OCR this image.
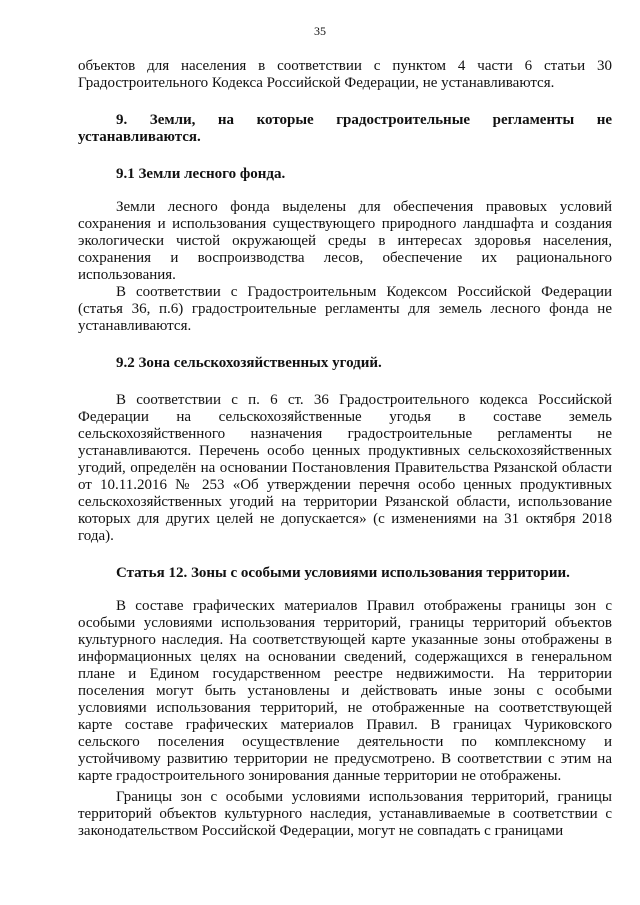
35

объектов для населения в соответствии с пунктом 4 части 6 статьи 30 Градостроительного Кодекса Российской Федерации, не устанавливаются.

9. Земли, на которые градостроительные регламенты не устанавливаются.

9.1 Земли лесного фонда.

Земли лесного фонда выделены для обеспечения правовых условий сохранения и использования существующего природного ландшафта и создания экологически чистой окружающей среды в интересах здоровья населения, сохранения и воспроизводства лесов, обеспечение их рационального использования.

В соответствии с Градостроительным Кодексом Российской Федерации (статья 36, п.6) градостроительные регламенты для земель лесного фонда не устанавливаются.

9.2 Зона сельскохозяйственных угодий.

В соответствии с п. 6 ст. 36 Градостроительного кодекса Российской Федерации на сельскохозяйственные угодья в составе земель сельскохозяйственного назначения градостроительные регламенты не устанавливаются. Перечень особо ценных продуктивных сельскохозяйственных угодий, определён на основании Постановления Правительства Рязанской области от 10.11.2016 № 253 «Об утверждении перечня особо ценных продуктивных сельскохозяйственных угодий на территории Рязанской области, использование которых для других целей не допускается» (с изменениями на 31 октября 2018 года).

Статья 12. Зоны с особыми условиями использования территории.

В составе графических материалов Правил отображены границы зон с особыми условиями использования территорий, границы территорий объектов культурного наследия. На соответствующей карте указанные зоны отображены в информационных целях на основании сведений, содержащихся в генеральном плане и Едином государственном реестре недвижимости. На территории поселения могут быть установлены и действовать иные зоны с особыми условиями использования территорий, не отображенные на соответствующей карте составе графических материалов Правил. В границах Чуриковского сельского поселения осуществление деятельности по комплексному и устойчивому развитию территории не предусмотрено. В соответствии с этим на карте градостроительного зонирования данные территории не отображены.

Границы зон с особыми условиями использования территорий, границы территорий объектов культурного наследия, устанавливаемые в соответствии с законодательством Российской Федерации, могут не совпадать с границами
